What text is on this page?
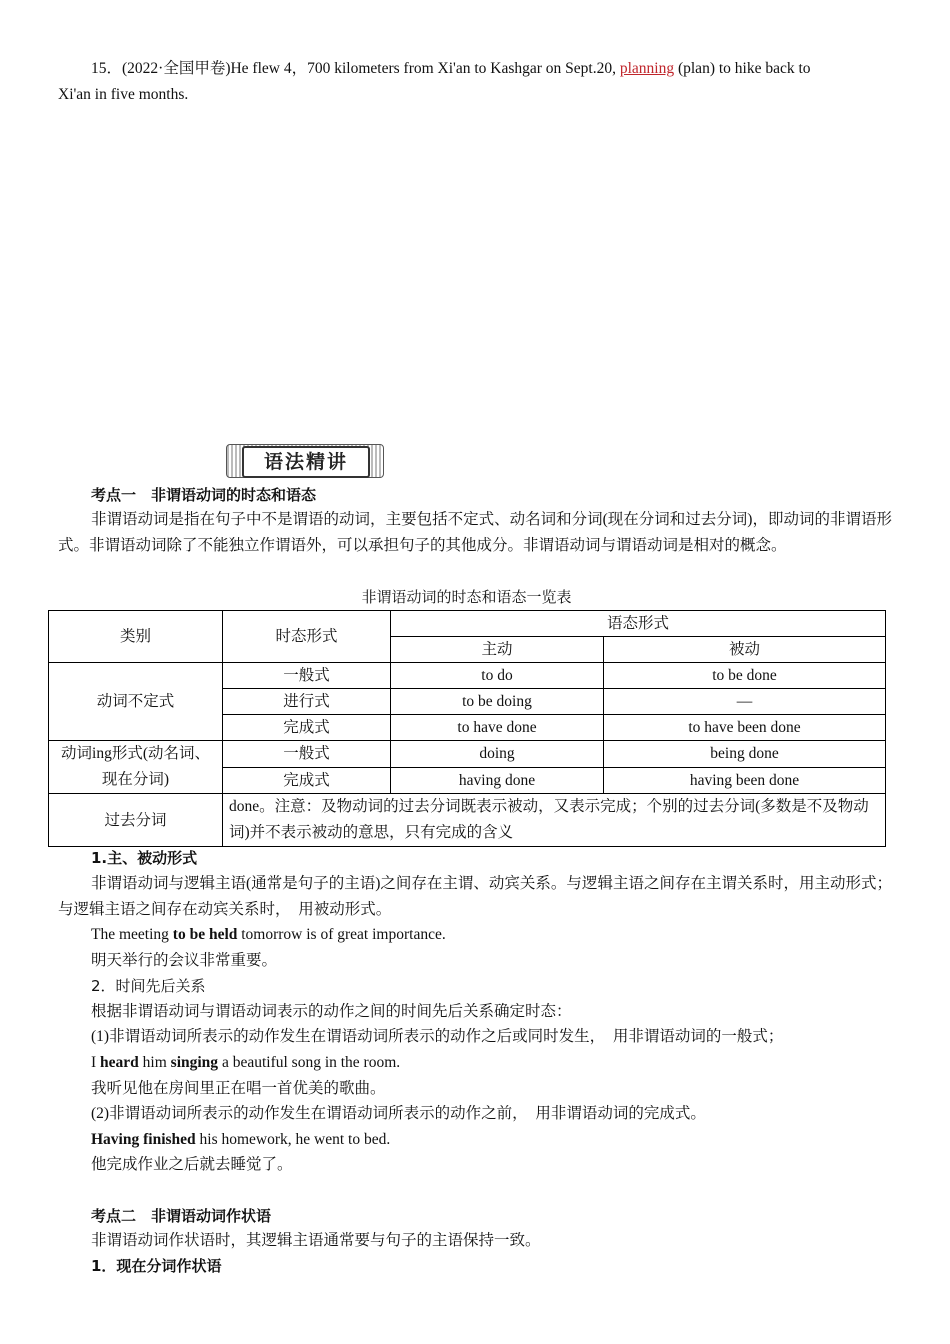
15．(2022·全国甲卷)He flew 4，700 kilometers from Xi'an to Kashgar on Sept.20, planning (plan) to hike back to
Xi'an in five months.
语法精讲
考点一　非谓语动词的时态和语态
非谓语动词是指在句子中不是谓语的动词，主要包括不定式、动名词和分词(现在分词和过去分词)，即动词的非谓语形式。非谓语动词除了不能独立作谓语外，可以承担句子的其他成分。非谓语动词与谓语动词是相对的概念。
非谓语动词的时态和语态一览表
类别	时态形式	语态形式	
		主动	被动
动词不定式	一般式	to do	to be done
	进行式	to be doing	—
	完成式	to have done	to have been done
动词ing形式(动名词、现在分词)	一般式	doing	being done
	完成式	having done	having been done
过去分词	done。注意：及物动词的过去分词既表示被动，又表示完成；个别的过去分词(多数是不及物动词)并不表示被动的意思，只有完成的含义		
1.主、被动形式
非谓语动词与逻辑主语(通常是句子的主语)之间存在主谓、动宾关系。与逻辑主语之间存在主谓关系时，用主动形式；与逻辑主语之间存在动宾关系时，　用被动形式。
The meeting to be held tomorrow is of great importance.
明天举行的会议非常重要。
2．时间先后关系
根据非谓语动词与谓语动词表示的动作之间的时间先后关系确定时态：
(1)非谓语动词所表示的动作发生在谓语动词所表示的动作之后或同时发生，　用非谓语动词的一般式；
I heard him singing a beautiful song in the room.
我听见他在房间里正在唱一首优美的歌曲。
(2)非谓语动词所表示的动作发生在谓语动词所表示的动作之前，　用非谓语动词的完成式。
Having finished his homework, he went to bed.
他完成作业之后就去睡觉了。
考点二　非谓语动词作状语
非谓语动词作状语时，其逻辑主语通常要与句子的主语保持一致。
1．现在分词作状语
